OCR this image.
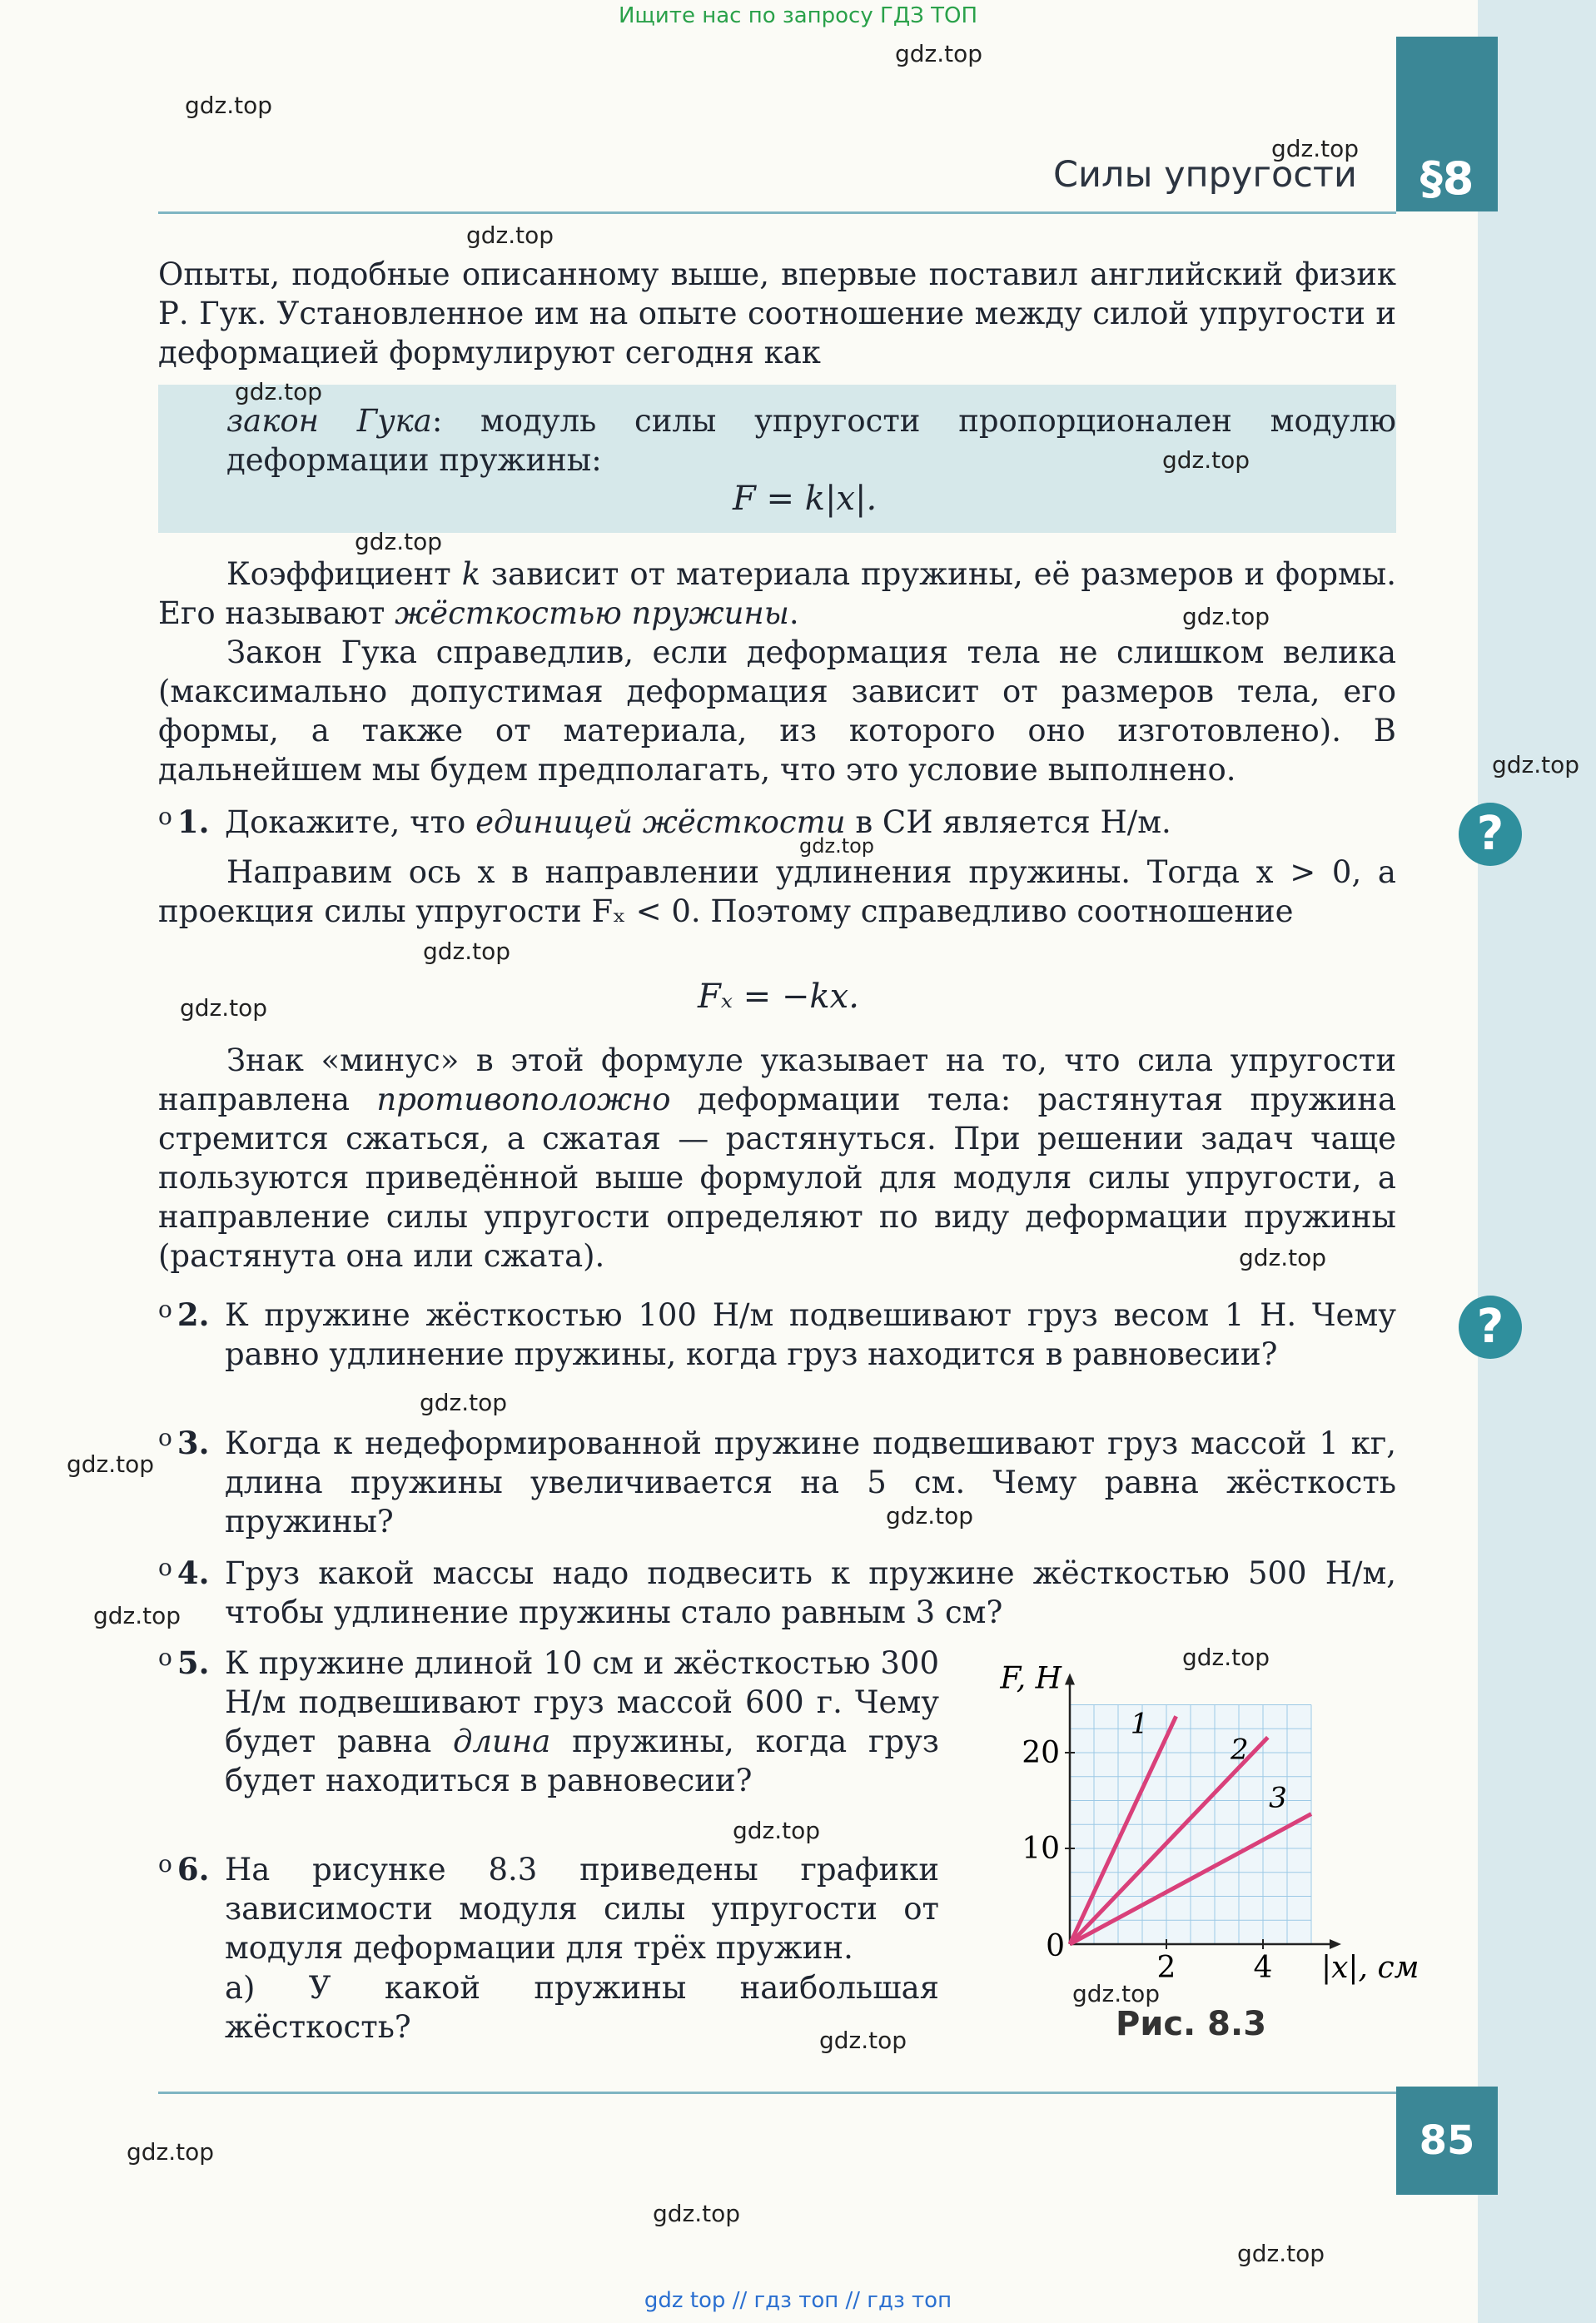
Ищите нас по запросу ГДЗ ТОП
§8
Силы упругости
Опыты, подобные описанному выше, впервые поставил английский физик Р. Гук. Установленное им на опыте соотношение между силой упругости и деформацией формулируют сегодня как
закон Гука: модуль силы упругости пропорционален модулю деформации пружины:
F = k|x|.
Коэффициент k зависит от материала пружины, её размеров и формы. Его называют жёсткостью пружины.
Закон Гука справедлив, если деформация тела не слишком велика (максимально допустимая деформация зависит от размеров тела, его формы, а также от материала, из которого оно изготовлено). В дальнейшем мы будем предполагать, что это условие выполнено.
$^o$ 1. Докажите, что единицей жёсткости в СИ является Н/м.
Направим ось x в направлении удлинения пружины. Тогда x > 0, а проекция силы упругости Fₓ < 0. Поэтому справедливо соотношение
Fₓ = −kx.
Знак «минус» в этой формуле указывает на то, что сила упругости направлена противоположно деформации тела: растянутая пружина стремится сжаться, а сжатая — растянуться. При решении задач чаще пользуются приведённой выше формулой для модуля силы упругости, а направление силы упругости определяют по виду деформации пружины (растянута она или сжата).
$^o$ 2. К пружине жёсткостью 100 Н/м подвешивают груз весом 1 Н. Чему равно удлинение пружины, когда груз находится в равновесии?
$^o$ 3. Когда к недеформированной пружине подвешивают груз массой 1 кг, длина пружины увеличивается на 5 см. Чему равна жёсткость пружины?
$^o$ 4. Груз какой массы надо подвесить к пружине жёсткостью 500 Н/м, чтобы удлинение пружины стало равным 3 см?
$^o$ 5. К пружине длиной 10 см и жёсткостью 300 Н/м подвешивают груз массой 600 г. Чему будет равна длина пружины, когда груз будет находиться в равновесии?
$^o$ 6. На рисунке 8.3 приведены графики зависимости модуля силы упругости от модуля деформации для трёх пружин.
а) У какой пружины наибольшая жёсткость?
2	4
10
20
0
F, Н
|x|, см
1
2
3
Рис. 8.3
85
?
?
gdz.top
gdz.top
gdz.top
gdz.top
gdz.top
gdz.top
gdz.top
gdz.top
gdz.top
gdz.top
gdz.top
gdz.top
gdz.top
gdz.top
gdz.top
gdz.top
gdz.top
gdz.top
gdz.top
gdz.top
gdz.top
gdz.top
gdz.top
gdz.top
gdz top // гдз топ // гдз топ
